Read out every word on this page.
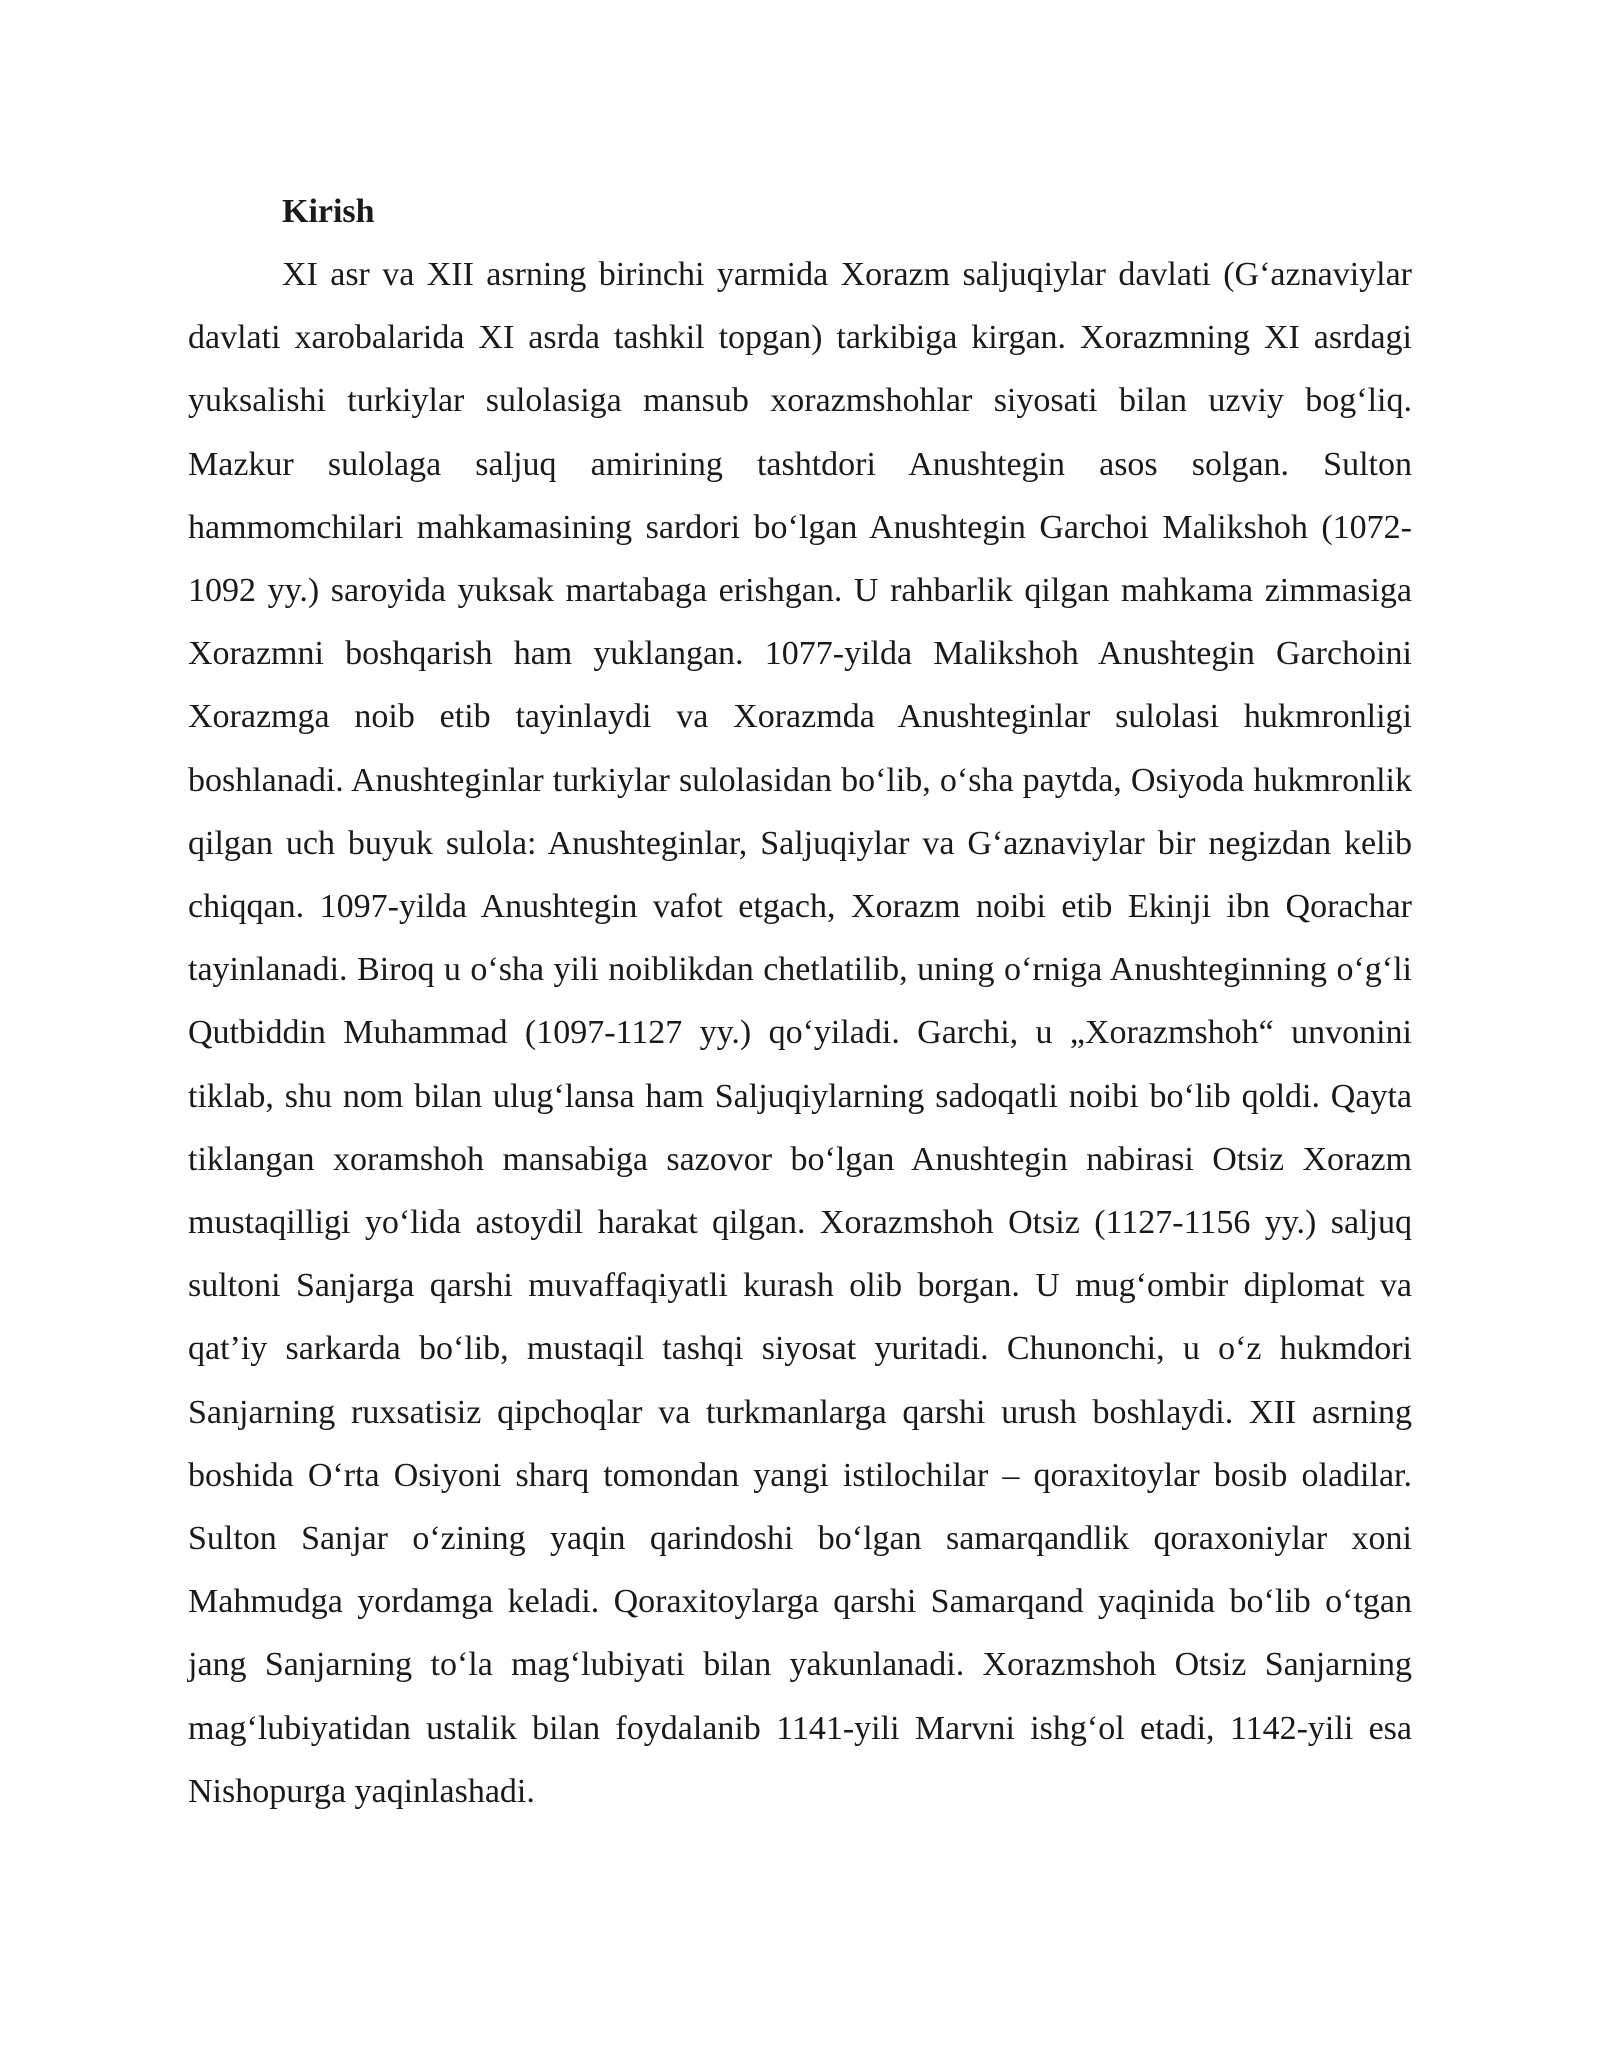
Kirish

XI asr va XII asrning birinchi yarmida Xorazm saljuqiylar davlati (G‘aznaviylar davlati xarobalarida XI asrda tashkil topgan) tarkibiga kirgan. Xorazmning XI asrdagi yuksalishi turkiylar sulolasiga mansub xorazmshohlar siyosati bilan uzviy bog‘liq. Mazkur sulolaga saljuq amirining tashtdori Anushtegin asos solgan. Sulton hammomchilari mahkamasining sardori bo‘lgan Anushtegin Garchoi Malikshoh (1072-1092 yy.) saroyida yuksak martabaga erishgan. U rahbarlik qilgan mahkama zimmasiga Xorazmni boshqarish ham yuklangan. 1077-yilda Malikshoh Anushtegin Garchoini Xorazmga noib etib tayinlaydi va Xorazmda Anushteginlar sulolasi hukmronligi boshlanadi. Anushteginlar turkiylar sulolasidan bo‘lib, o‘sha paytda, Osiyoda hukmronlik qilgan uch buyuk sulola: Anushteginlar, Saljuqiylar va G‘aznaviylar bir negizdan kelib chiqqan. 1097-yilda Anushtegin vafot etgach, Xorazm noibi etib Ekinji ibn Qorachar tayinlanadi. Biroq u o‘sha yili noiblikdan chetlatilib, uning o‘rniga Anushteginning o‘g‘li Qutbiddin Muhammad (1097-1127 yy.) qo‘yiladi. Garchi, u „Xorazmshoh“ unvonini tiklab, shu nom bilan ulug‘lansa ham Saljuqiylarning sadoqatli noibi bo‘lib qoldi. Qayta tiklangan xoramshoh mansabiga sazovor bo‘lgan Anushtegin nabirasi Otsiz Xorazm mustaqilligi yo‘lida astoydil harakat qilgan. Xorazmshoh Otsiz (1127-1156 yy.) saljuq sultoni Sanjarga qarshi muvaffaqiyatli kurash olib borgan. U mug‘ombir diplomat va qat’iy sarkarda bo‘lib, mustaqil tashqi siyosat yuritadi. Chunonchi, u o‘z hukmdori Sanjarning ruxsatisiz qipchoqlar va turkmanlarga qarshi urush boshlaydi. XII asrning boshida O‘rta Osiyoni sharq tomondan yangi istilochilar – qoraxitoylar bosib oladilar. Sulton Sanjar o‘zining yaqin qarindoshi bo‘lgan samarqandlik qoraxoniylar xoni Mahmudga yordamga keladi. Qoraxitoylarga qarshi Samarqand yaqinida bo‘lib o‘tgan jang Sanjarning to‘la mag‘lubiyati bilan yakunlanadi. Xorazmshoh Otsiz Sanjarning mag‘lubiyatidan ustalik bilan foydalanib 1141-yili Marvni ishg‘ol etadi, 1142-yili esa Nishopurga yaqinlashadi.
